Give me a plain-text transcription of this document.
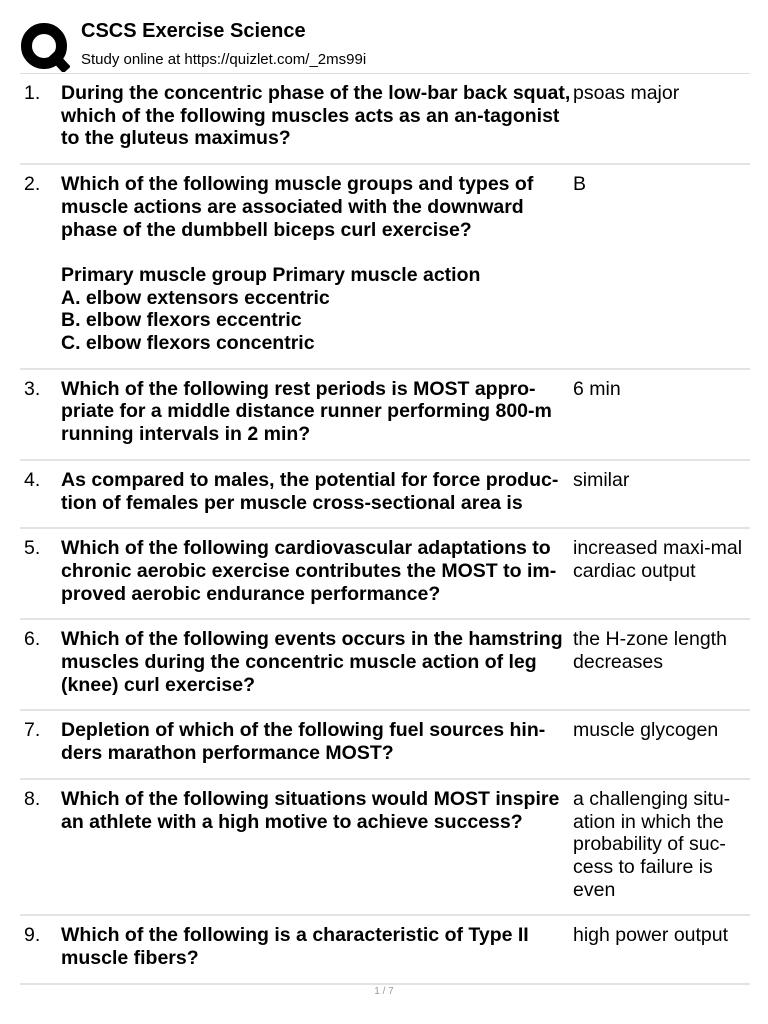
CSCS Exercise Science
Study online at https://quizlet.com/_2ms99i
1.	During the concentric phase of the low-bar back squat, which of the following muscles acts as an an-tagonist to the gluteus maximus?
psoas major
2.	Which of the following muscle groups and types of muscle actions are associated with the downward phase of the dumbbell biceps curl exercise?

Primary muscle group Primary muscle action
A. elbow extensors eccentric
B. elbow flexors eccentric
C. elbow flexors concentric
B
3.	Which of the following rest periods is MOST appro-priate for a middle distance runner performing 800-m running intervals in 2 min?
6 min
4.	As compared to males, the potential for force produc-tion of females per muscle cross-sectional area is
similar
5.	Which of the following cardiovascular adaptations to chronic aerobic exercise contributes the MOST to im-proved aerobic endurance performance?
increased maxi-mal cardiac output
6.	Which of the following events occurs in the hamstring muscles during the concentric muscle action of leg (knee) curl exercise?
the H-zone length decreases
7.	Depletion of which of the following fuel sources hin-ders marathon performance MOST?
muscle glycogen
8.	Which of the following situations would MOST inspire an athlete with a high motive to achieve success?
a challenging situ-ation in which the probability of suc-cess to failure is even
9.	Which of the following is a characteristic of Type II muscle fibers?
high power output
1 / 7
